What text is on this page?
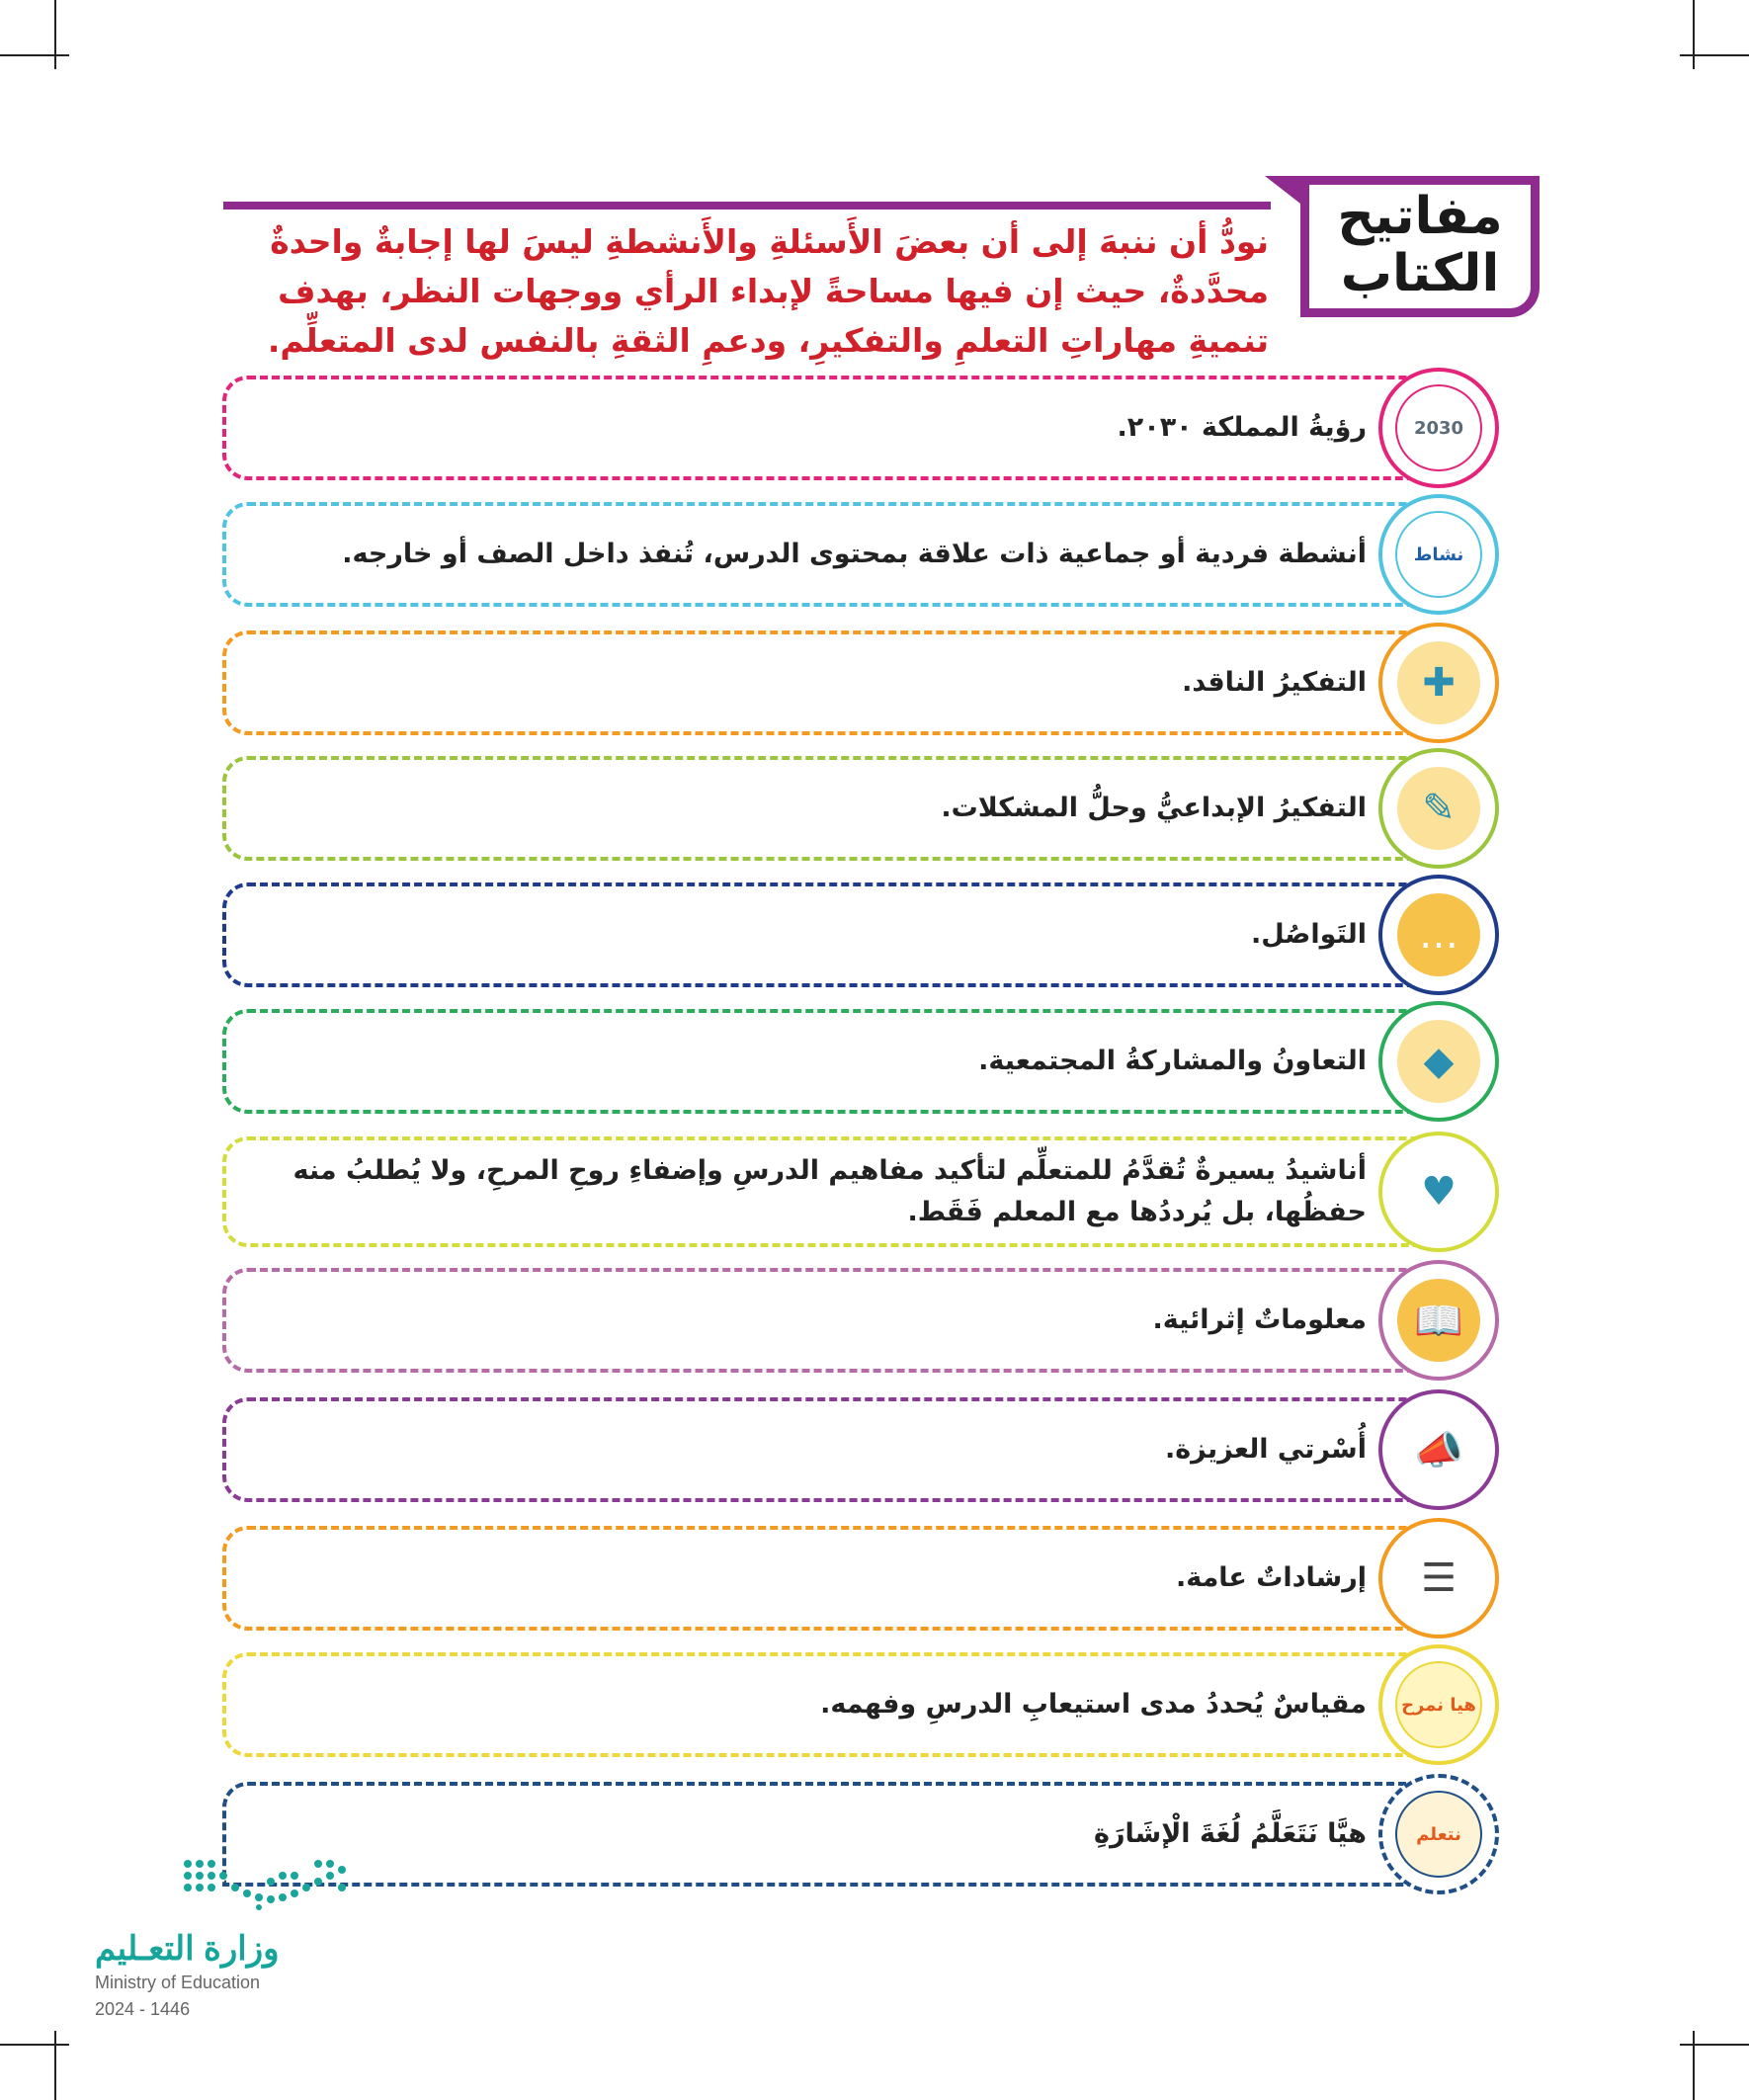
مفاتيح
الكتاب
نودُّ أن ننبهَ إلى أن بعضَ الأَسئلةِ والأَنشطةِ ليسَ لها إجابةٌ واحدةٌ محدَّدةٌ، حيث إن فيها مساحةً لإبداء الرأي ووجهات النظر، بهدف تنميةِ مهاراتِ التعلمِ والتفكيرِ، ودعمِ الثقةِ بالنفس لدى المتعلِّم.
2030
رؤيةُ المملكة ٢٠٣٠.
نشاط
أنشطة فردية أو جماعية ذات علاقة بمحتوى الدرس، تُنفذ داخل الصف أو خارجه.
✚
التفكيرُ الناقد.
✎
التفكيرُ الإبداعيُّ وحلُّ المشكلات.
…
التَواصُل.
◆
التعاونُ والمشاركةُ المجتمعية.
♥
أناشيدُ يسيرةٌ تُقدَّمُ للمتعلِّم لتأكيد مفاهيم الدرسِ وإضفاءِ روحِ المرحِ، ولا يُطلبُ منه حفظُها، بل يُرددُها مع المعلم فَقَط.
📖
معلوماتٌ إثرائية.
📣
أُسْرتي العزيزة.
☰
إرشاداتٌ عامة.
هيا نمرح
مقياسٌ يُحددُ مدى استيعابِ الدرسِ وفهمه.
نتعلم
هيَّا نَتَعَلَّمُ لُغَةَ الْإشَارَةِ
وزارة التعـليم
Ministry of Education
2024 - 1446
